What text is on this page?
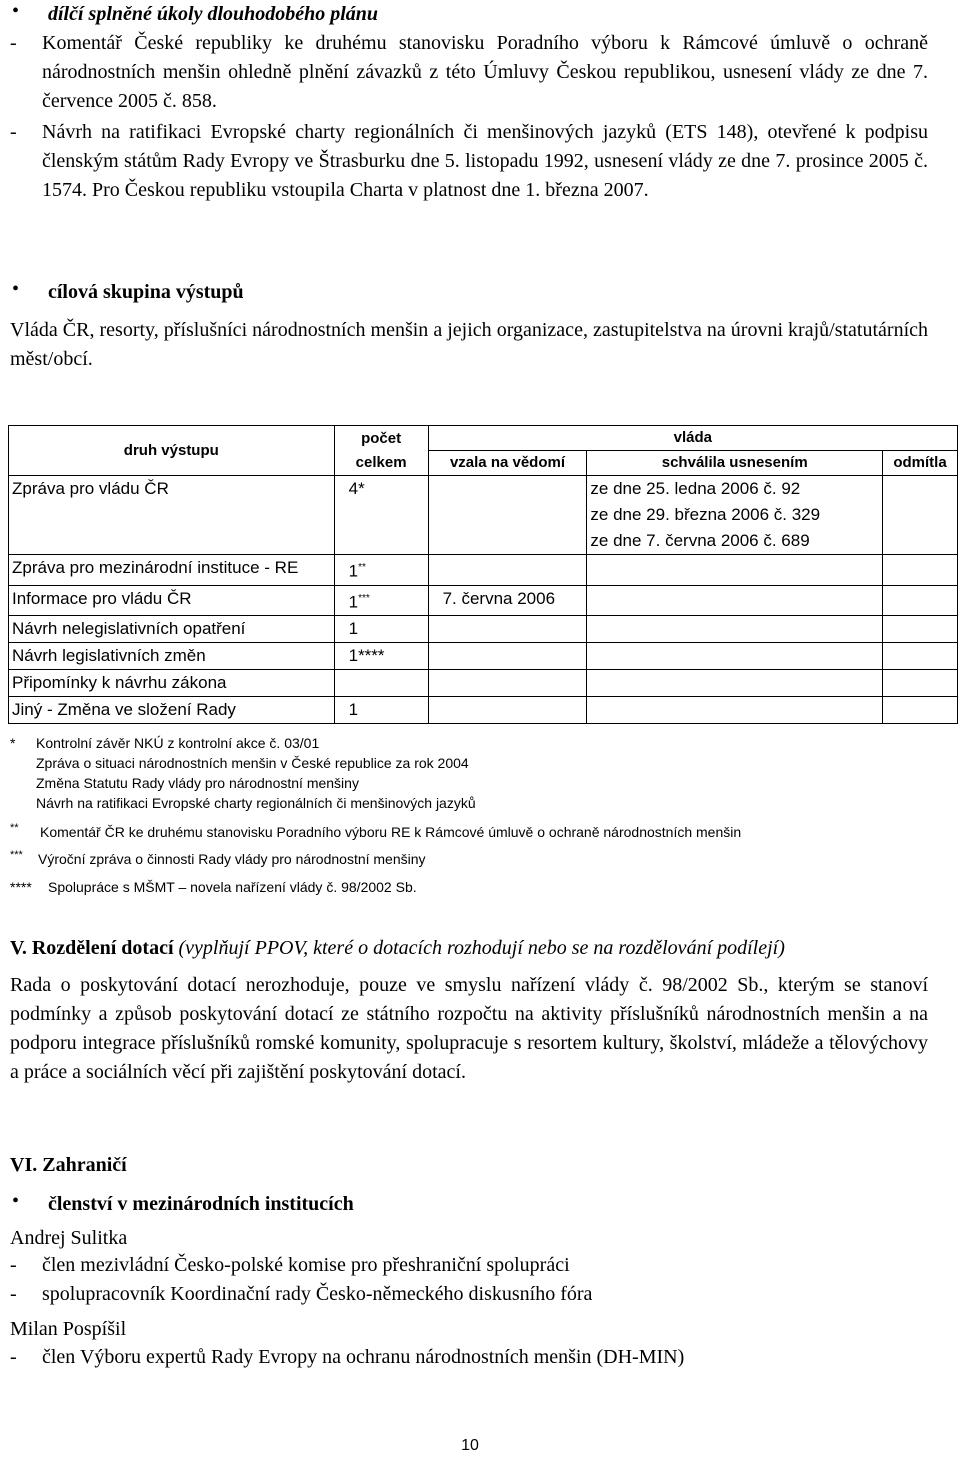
• dílčí splněné úkoly dlouhodobého plánu
- Komentář České republiky ke druhému stanovisku Poradního výboru k Rámcové úmluvě o ochraně národnostních menšin ohledně plnění závazků z této Úmluvy Českou republikou, usnesení vlády ze dne 7. července 2005 č. 858.
- Návrh na ratifikaci Evropské charty regionálních či menšinových jazyků (ETS 148), otevřené k podpisu členským státům Rady Evropy ve Štrasburku dne 5. listopadu 1992, usnesení vlády ze dne 7. prosince 2005 č. 1574. Pro Českou republiku vstoupila Charta v platnost dne 1. března 2007.
• cílová skupina výstupů
Vláda ČR, resorty, příslušníci národnostních menšin a jejich organizace, zastupitelstva na úrovni krajů/statutárních měst/obcí.
druh výstupu	počet celkem	vláda		
		vzala na vědomí	schválila usnesením	odmítla
Zpráva pro vládu ČR	4*		ze dne 25. ledna 2006 č. 92
ze dne 29. března 2006 č. 329
ze dne 7. června 2006 č. 689	

Zpráva pro mezinárodní instituce - RE	1**			
Informace pro vládu ČR	1***	7. června 2006		
Návrh nelegislativních opatření	1			
Návrh legislativních změn	1****			
Připomínky k návrhu zákona				
Jiný - Změna ve složení Rady	1			
* Kontrolní závěr NKÚ z kontrolní akce č. 03/01
Zpráva o situaci národnostních menšin v České republice za rok 2004
Změna Statutu Rady vlády pro národnostní menšiny
Návrh na ratifikaci Evropské charty regionálních či menšinových jazyků
** Komentář ČR ke druhému stanovisku Poradního výboru RE k Rámcové úmluvě o ochraně národnostních menšin
*** Výroční zpráva o činnosti Rady vlády pro národnostní menšiny
**** Spolupráce s MŠMT – novela nařízení vlády č. 98/2002 Sb.
V. Rozdělení dotací (vyplňují PPOV, které o dotacích rozhodují nebo se na rozdělování podílejí)
Rada o poskytování dotací nerozhoduje, pouze ve smyslu nařízení vlády č. 98/2002 Sb., kterým se stanoví podmínky a způsob poskytování dotací ze státního rozpočtu na aktivity příslušníků národnostních menšin a na podporu integrace příslušníků romské komunity, spolupracuje s resortem kultury, školství, mládeže a tělovýchovy a práce a sociálních věcí při zajištění poskytování dotací.
VI. Zahraničí
• členství v mezinárodních institucích
Andrej Sulitka
- člen mezivládní Česko-polské komise pro přeshraniční spolupráci
- spolupracovník Koordinační rady Česko-německého diskusního fóra
Milan Pospíšil
- člen Výboru expertů Rady Evropy na ochranu národnostních menšin (DH-MIN)
10
